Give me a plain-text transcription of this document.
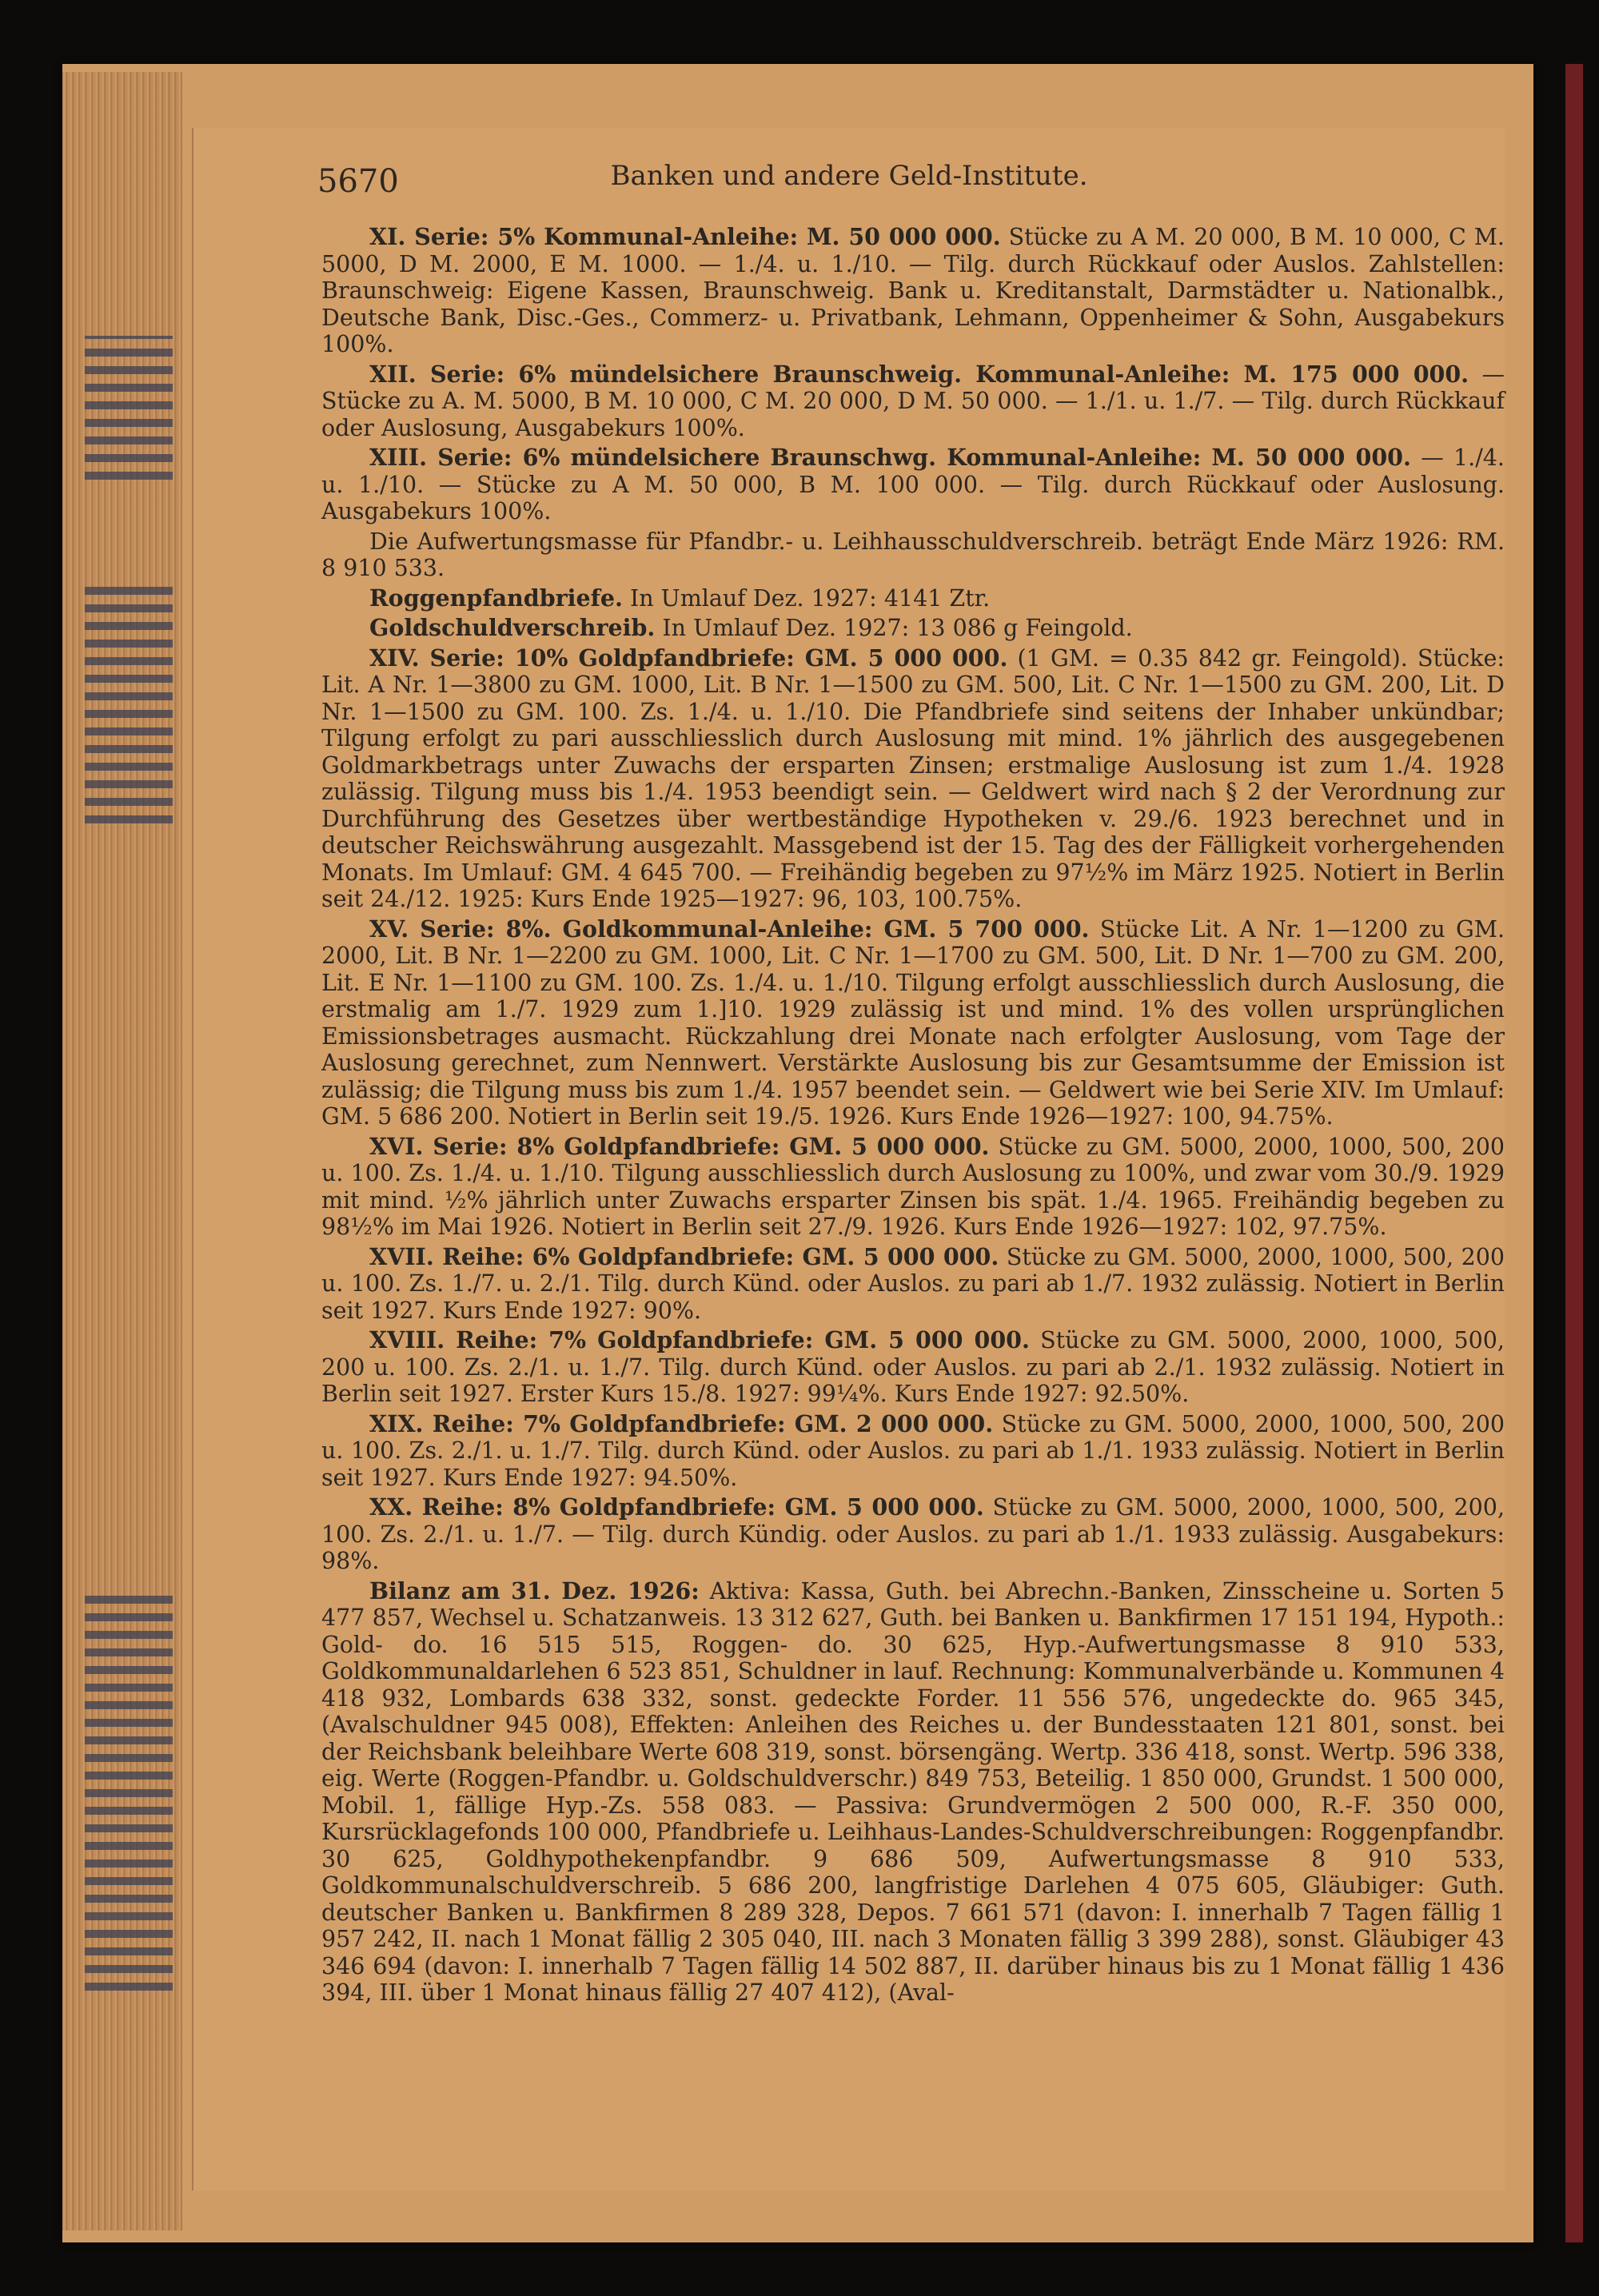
5670	Banken und andere Geld-Institute.

XI. Serie: 5% Kommunal-Anleihe: M. 50 000 000. Stücke zu A M. 20 000, B M. 10 000, C M. 5000, D M. 2000, E M. 1000. — 1./4. u. 1./10. — Tilg. durch Rückkauf oder Auslos. Zahlstellen: Braunschweig: Eigene Kassen, Braunschweig. Bank u. Kreditanstalt, Darmstädter u. Nationalbk., Deutsche Bank, Disc.-Ges., Commerz- u. Privatbank, Lehmann, Oppenheimer & Sohn, Ausgabekurs 100%.

XII. Serie: 6% mündelsichere Braunschweig. Kommunal-Anleihe: M. 175 000 000. — Stücke zu A. M. 5000, B M. 10 000, C M. 20 000, D M. 50 000. — 1./1. u. 1./7. — Tilg. durch Rückkauf oder Auslosung, Ausgabekurs 100%.

XIII. Serie: 6% mündelsichere Braunschwg. Kommunal-Anleihe: M. 50 000 000. — 1./4. u. 1./10. — Stücke zu A M. 50 000, B M. 100 000. — Tilg. durch Rückkauf oder Auslosung. Ausgabekurs 100%.

Die Aufwertungsmasse für Pfandbr.- u. Leihhausschuldverschreib. beträgt Ende März 1926: RM. 8 910 533.

Roggenpfandbriefe. In Umlauf Dez. 1927: 4141 Ztr.

Goldschuldverschreib. In Umlauf Dez. 1927: 13 086 g Feingold.

XIV. Serie: 10% Goldpfandbriefe: GM. 5 000 000. (1 GM. = 0.35 842 gr. Feingold). Stücke: Lit. A Nr. 1—3800 zu GM. 1000, Lit. B Nr. 1—1500 zu GM. 500, Lit. C Nr. 1—1500 zu GM. 200, Lit. D Nr. 1—1500 zu GM. 100. Zs. 1./4. u. 1./10. Die Pfandbriefe sind seitens der Inhaber unkündbar; Tilgung erfolgt zu pari ausschliesslich durch Auslosung mit mind. 1% jährlich des ausgegebenen Goldmarkbetrags unter Zuwachs der ersparten Zinsen; erstmalige Auslosung ist zum 1./4. 1928 zulässig. Tilgung muss bis 1./4. 1953 beendigt sein. — Geldwert wird nach § 2 der Verordnung zur Durchführung des Gesetzes über wertbeständige Hypotheken v. 29./6. 1923 berechnet und in deutscher Reichswährung ausgezahlt. Massgebend ist der 15. Tag des der Fälligkeit vorhergehenden Monats. Im Umlauf: GM. 4 645 700. — Freihändig begeben zu 97½% im März 1925. Notiert in Berlin seit 24./12. 1925: Kurs Ende 1925—1927: 96, 103, 100.75%.

XV. Serie: 8%. Goldkommunal-Anleihe: GM. 5 700 000. Stücke Lit. A Nr. 1—1200 zu GM. 2000, Lit. B Nr. 1—2200 zu GM. 1000, Lit. C Nr. 1—1700 zu GM. 500, Lit. D Nr. 1—700 zu GM. 200, Lit. E Nr. 1—1100 zu GM. 100. Zs. 1./4. u. 1./10. Tilgung erfolgt ausschliesslich durch Auslosung, die erstmalig am 1./7. 1929 zum 1.]10. 1929 zulässig ist und mind. 1% des vollen ursprünglichen Emissionsbetrages ausmacht. Rückzahlung drei Monate nach erfolgter Auslosung, vom Tage der Auslosung gerechnet, zum Nennwert. Verstärkte Auslosung bis zur Gesamtsumme der Emission ist zulässig; die Tilgung muss bis zum 1./4. 1957 beendet sein. — Geldwert wie bei Serie XIV. Im Umlauf: GM. 5 686 200. Notiert in Berlin seit 19./5. 1926. Kurs Ende 1926—1927: 100, 94.75%.

XVI. Serie: 8% Goldpfandbriefe: GM. 5 000 000. Stücke zu GM. 5000, 2000, 1000, 500, 200 u. 100. Zs. 1./4. u. 1./10. Tilgung ausschliesslich durch Auslosung zu 100%, und zwar vom 30./9. 1929 mit mind. ½% jährlich unter Zuwachs ersparter Zinsen bis spät. 1./4. 1965. Freihändig begeben zu 98½% im Mai 1926. Notiert in Berlin seit 27./9. 1926. Kurs Ende 1926—1927: 102, 97.75%.

XVII. Reihe: 6% Goldpfandbriefe: GM. 5 000 000. Stücke zu GM. 5000, 2000, 1000, 500, 200 u. 100. Zs. 1./7. u. 2./1. Tilg. durch Künd. oder Auslos. zu pari ab 1./7. 1932 zulässig. Notiert in Berlin seit 1927. Kurs Ende 1927: 90%.

XVIII. Reihe: 7% Goldpfandbriefe: GM. 5 000 000. Stücke zu GM. 5000, 2000, 1000, 500, 200 u. 100. Zs. 2./1. u. 1./7. Tilg. durch Künd. oder Auslos. zu pari ab 2./1. 1932 zulässig. Notiert in Berlin seit 1927. Erster Kurs 15./8. 1927: 99¼%. Kurs Ende 1927: 92.50%.

XIX. Reihe: 7% Goldpfandbriefe: GM. 2 000 000. Stücke zu GM. 5000, 2000, 1000, 500, 200 u. 100. Zs. 2./1. u. 1./7. Tilg. durch Künd. oder Auslos. zu pari ab 1./1. 1933 zulässig. Notiert in Berlin seit 1927. Kurs Ende 1927: 94.50%.

XX. Reihe: 8% Goldpfandbriefe: GM. 5 000 000. Stücke zu GM. 5000, 2000, 1000, 500, 200, 100. Zs. 2./1. u. 1./7. — Tilg. durch Kündig. oder Auslos. zu pari ab 1./1. 1933 zulässig. Ausgabekurs: 98%.

Bilanz am 31. Dez. 1926: Aktiva: Kassa, Guth. bei Abrechn.-Banken, Zinsscheine u. Sorten 5 477 857, Wechsel u. Schatzanweis. 13 312 627, Guth. bei Banken u. Bankfirmen 17 151 194, Hypoth.: Gold- do. 16 515 515, Roggen- do. 30 625, Hyp.-Aufwertungsmasse 8 910 533, Goldkommunaldarlehen 6 523 851, Schuldner in lauf. Rechnung: Kommunalverbände u. Kommunen 4 418 932, Lombards 638 332, sonst. gedeckte Forder. 11 556 576, ungedeckte do. 965 345, (Avalschuldner 945 008), Effekten: Anleihen des Reiches u. der Bundesstaaten 121 801, sonst. bei der Reichsbank beleihbare Werte 608 319, sonst. börsengäng. Wertp. 336 418, sonst. Wertp. 596 338, eig. Werte (Roggen-Pfandbr. u. Goldschuldverschr.) 849 753, Beteilig. 1 850 000, Grundst. 1 500 000, Mobil. 1, fällige Hyp.-Zs. 558 083. — Passiva: Grundvermögen 2 500 000, R.-F. 350 000, Kursrücklagefonds 100 000, Pfandbriefe u. Leihhaus-Landes-Schuldverschreibungen: Roggenpfandbr. 30 625, Goldhypothekenpfandbr. 9 686 509, Aufwertungsmasse 8 910 533, Goldkommunalschuldverschreib. 5 686 200, langfristige Darlehen 4 075 605, Gläubiger: Guth. deutscher Banken u. Bankfirmen 8 289 328, Depos. 7 661 571 (davon: I. innerhalb 7 Tagen fällig 1 957 242, II. nach 1 Monat fällig 2 305 040, III. nach 3 Monaten fällig 3 399 288), sonst. Gläubiger 43 346 694 (davon: I. innerhalb 7 Tagen fällig 14 502 887, II. darüber hinaus bis zu 1 Monat fällig 1 436 394, III. über 1 Monat hinaus fällig 27 407 412), (Aval-
